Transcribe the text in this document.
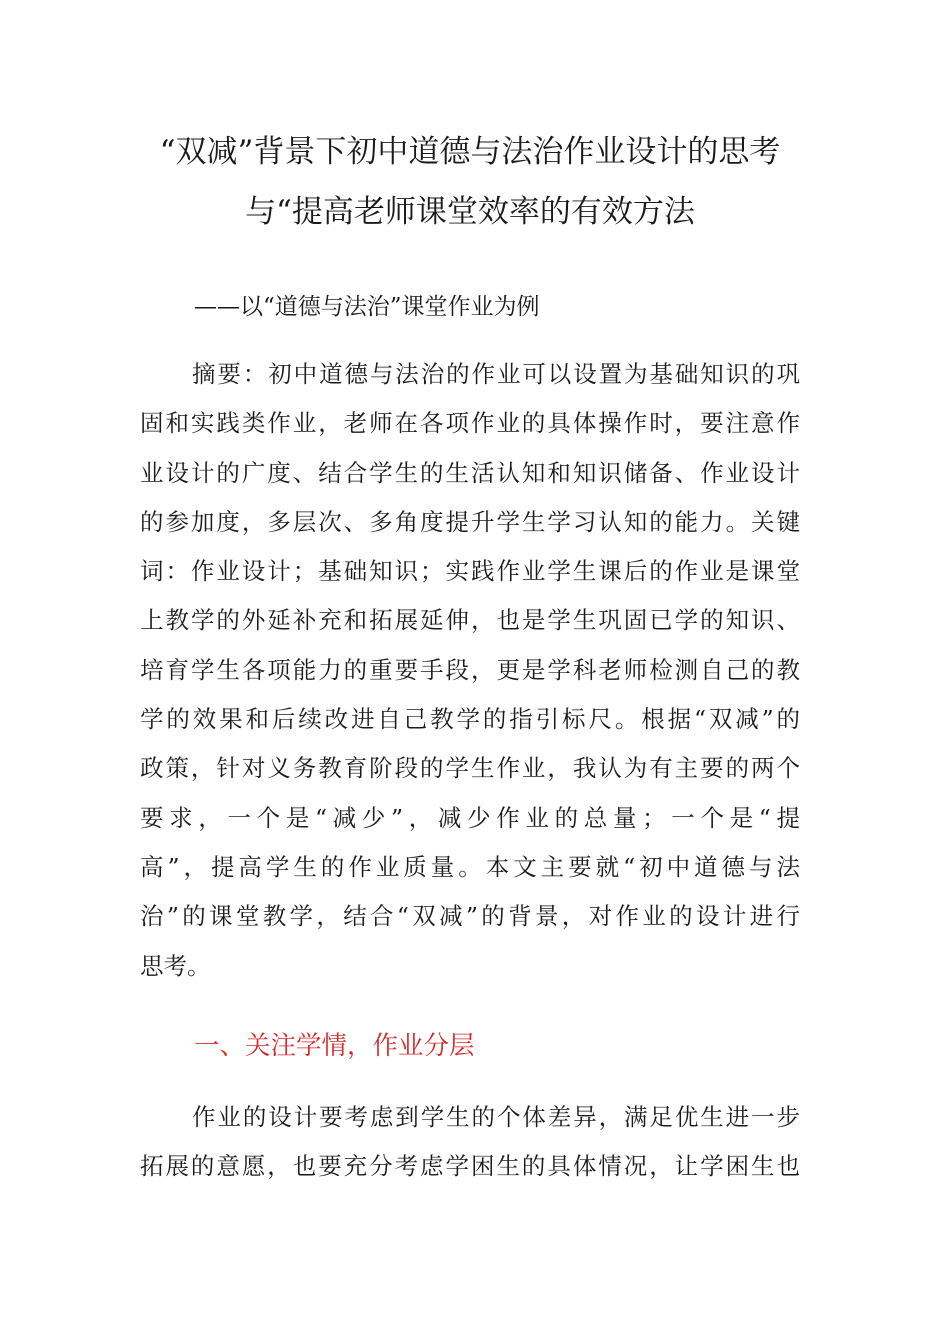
“双减”背景下初中道德与法治作业设计的思考
与“提高老师课堂效率的有效方法
——以“道德与法治”课堂作业为例
摘要：初中道德与法治的作业可以设置为基础知识的巩
固和实践类作业，老师在各项作业的具体操作时，要注意作
业设计的广度、结合学生的生活认知和知识储备、作业设计
的参加度，多层次、多角度提升学生学习认知的能力。关键
词：作业设计；基础知识；实践作业学生课后的作业是课堂
上教学的外延补充和拓展延伸，也是学生巩固已学的知识、
培育学生各项能力的重要手段，更是学科老师检测自己的教
学的效果和后续改进自己教学的指引标尺。根据“双减”的
政策，针对义务教育阶段的学生作业，我认为有主要的两个
要求，一个是“减少”，减少作业的总量；一个是“提
高”，提高学生的作业质量。本文主要就“初中道德与法
治”的课堂教学，结合“双减”的背景，对作业的设计进行
思考。
一、关注学情，作业分层
作业的设计要考虑到学生的个体差异，满足优生进一步
拓展的意愿，也要充分考虑学困生的具体情况，让学困生也
